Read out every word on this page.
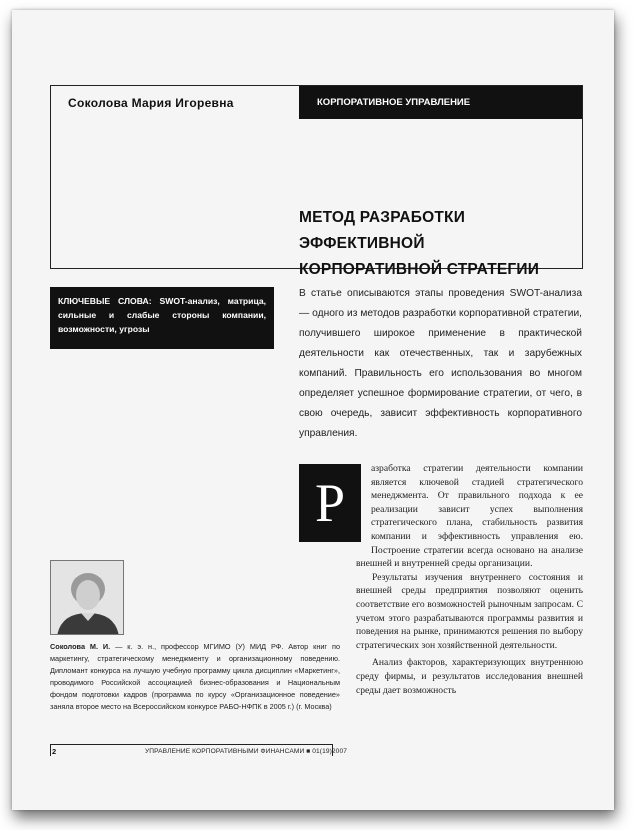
Соколова Мария Игоревна	КОРПОРАТИВНОЕ УПРАВЛЕНИЕ
МЕТОД РАЗРАБОТКИ ЭФФЕКТИВНОЙ
КОРПОРАТИВНОЙ СТРАТЕГИИ
КЛЮЧЕВЫЕ СЛОВА: SWOT-анализ, матрица, сильные и слабые стороны компании, возможности, угрозы
В статье описываются этапы проведения SWOT-анализа — одного из методов разработки корпоративной стратегии, получившего широкое применение в практической деятельности как отечественных, так и зарубежных компаний. Правильность его использования во многом определяет успешное формирование стратегии, от чего, в свою очередь, зависит эффективность корпоративного управления.

Р
азработка стратегии деятельности компании является ключевой стадией стратегического менеджмента. От правильного подхода к ее реализации зависит успех выполнения стратегического плана, стабильность развития компании и эффективность управления ею. Построение стратегии всегда основано на анализе внешней и внутренней среды организации.

Результаты изучения внутреннего состояния и внешней среды предприятия позволяют оценить соответствие его возможностей рыночным запросам. С учетом этого разрабатываются программы развития и поведения на рынке, принимаются решения по выбору стратегических зон хозяйственной деятельности.

Анализ факторов, характеризующих внутреннюю среду фирмы, и результатов исследования внешней среды дает возможность

Соколова М. И. — к. э. н., профессор МГИМО (У) МИД РФ. Автор книг по маркетингу, стратегическому менеджменту и организационному поведению. Дипломант конкурса на лучшую учебную программу цикла дисциплин «Маркетинг», проводимого Российской ассоциацией бизнес-образования и Национальным фондом подготовки кадров (программа по курсу «Организационное поведение» заняла второе место на Всероссийском конкурсе РАБО-НФПК в 2005 г.) (г. Москва)
2	УПРАВЛЕНИЕ КОРПОРАТИВНЫМИ ФИНАНСАМИ ■ 01(19)2007
